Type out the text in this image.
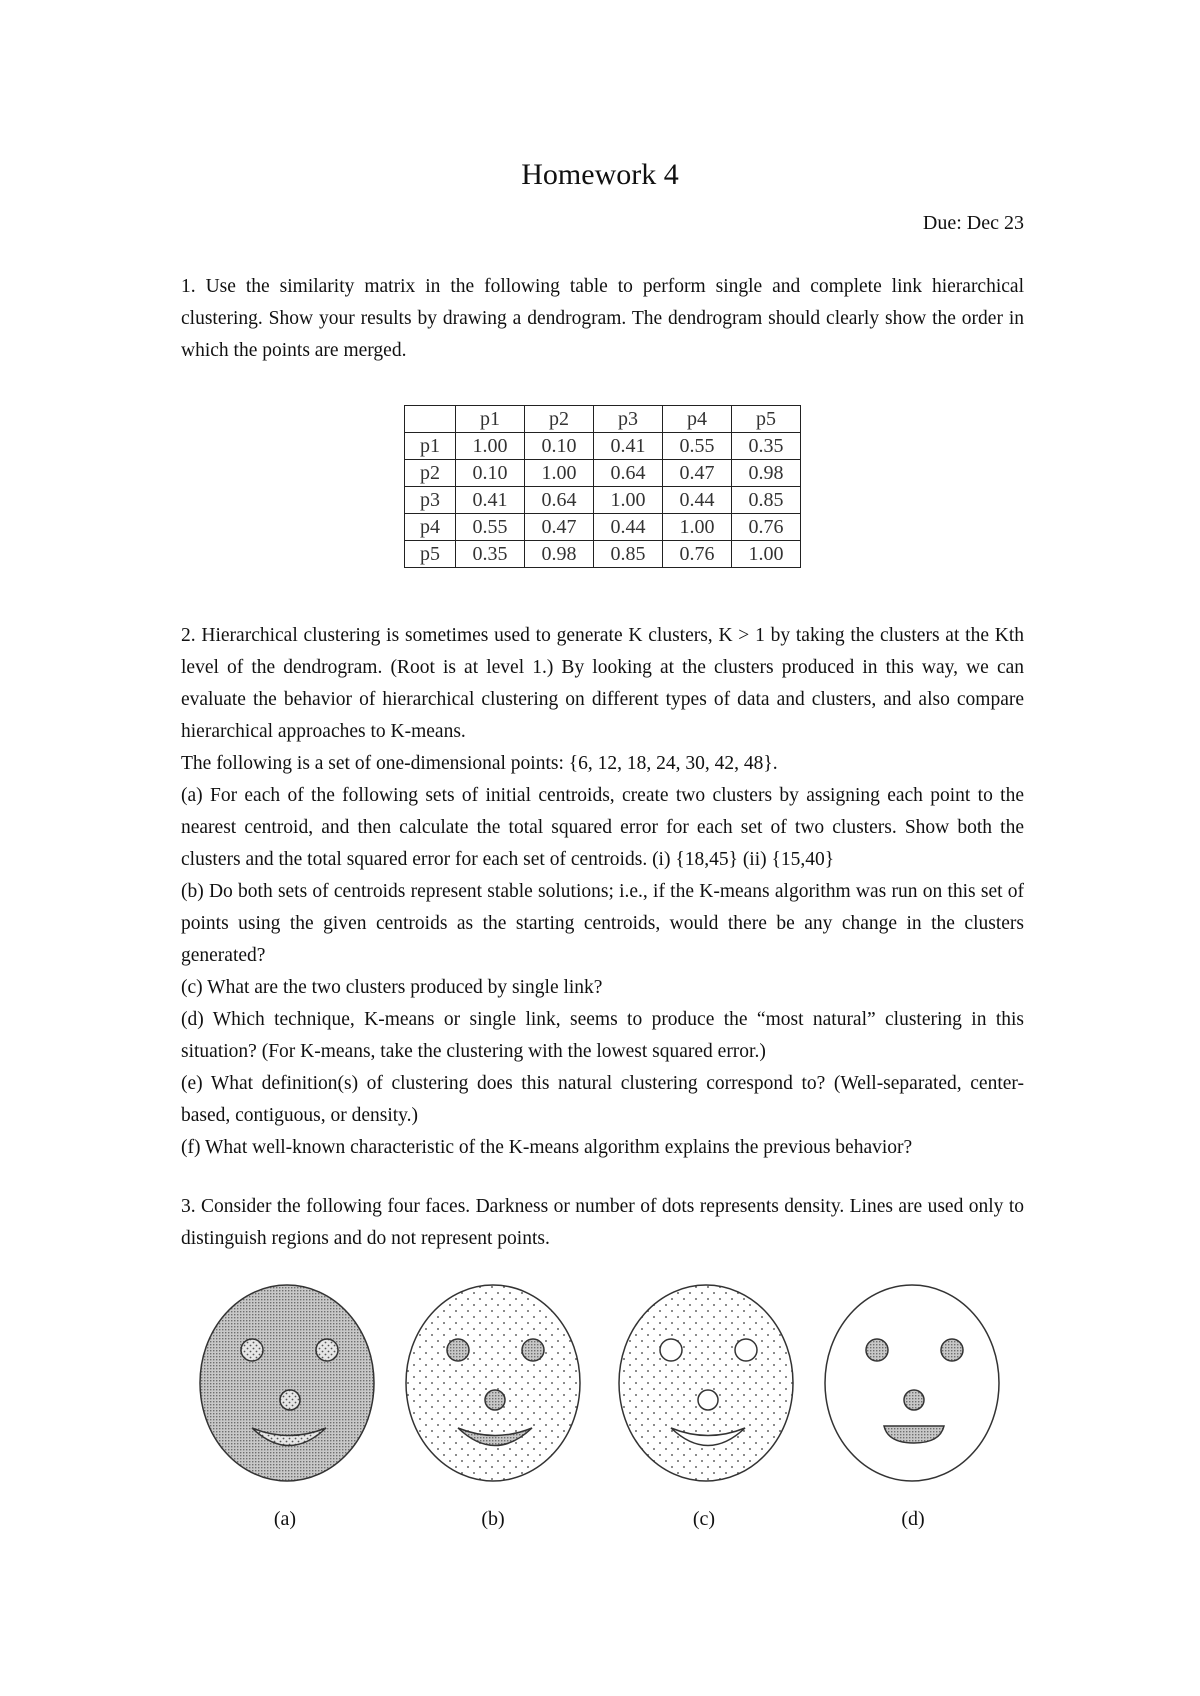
Homework 4
Due: Dec 23

1. Use the similarity matrix in the following table to perform single and complete link hierarchical clustering. Show your results by drawing a dendrogram. The dendrogram should clearly show the order in which the points are merged.

	p1	p2	p3	p4	p5
p1	1.00	0.10	0.41	0.55	0.35
p2	0.10	1.00	0.64	0.47	0.98
p3	0.41	0.64	1.00	0.44	0.85
p4	0.55	0.47	0.44	1.00	0.76
p5	0.35	0.98	0.85	0.76	1.00

2. Hierarchical clustering is sometimes used to generate K clusters, K > 1 by taking the clusters at the Kth level of the dendrogram. (Root is at level 1.) By looking at the clusters produced in this way, we can evaluate the behavior of hierarchical clustering on different types of data and clusters, and also compare hierarchical approaches to K-means.

The following is a set of one-dimensional points: {6, 12, 18, 24, 30, 42, 48}.

(a) For each of the following sets of initial centroids, create two clusters by assigning each point to the nearest centroid, and then calculate the total squared error for each set of two clusters. Show both the clusters and the total squared error for each set of centroids. (i) {18,45} (ii) {15,40}

(b) Do both sets of centroids represent stable solutions; i.e., if the K-means algorithm was run on this set of points using the given centroids as the starting centroids, would there be any change in the clusters generated?

(c) What are the two clusters produced by single link?

(d) Which technique, K-means or single link, seems to produce the “most natural” clustering in this situation? (For K-means, take the clustering with the lowest squared error.)

(e) What definition(s) of clustering does this natural clustering correspond to? (Well-separated, center-based, contiguous, or density.)

(f) What well-known characteristic of the K-means algorithm explains the previous behavior?

3. Consider the following four faces. Darkness or number of dots represents density. Lines are used only to distinguish regions and do not represent points.

(a)	(b)	(c)	(d)
